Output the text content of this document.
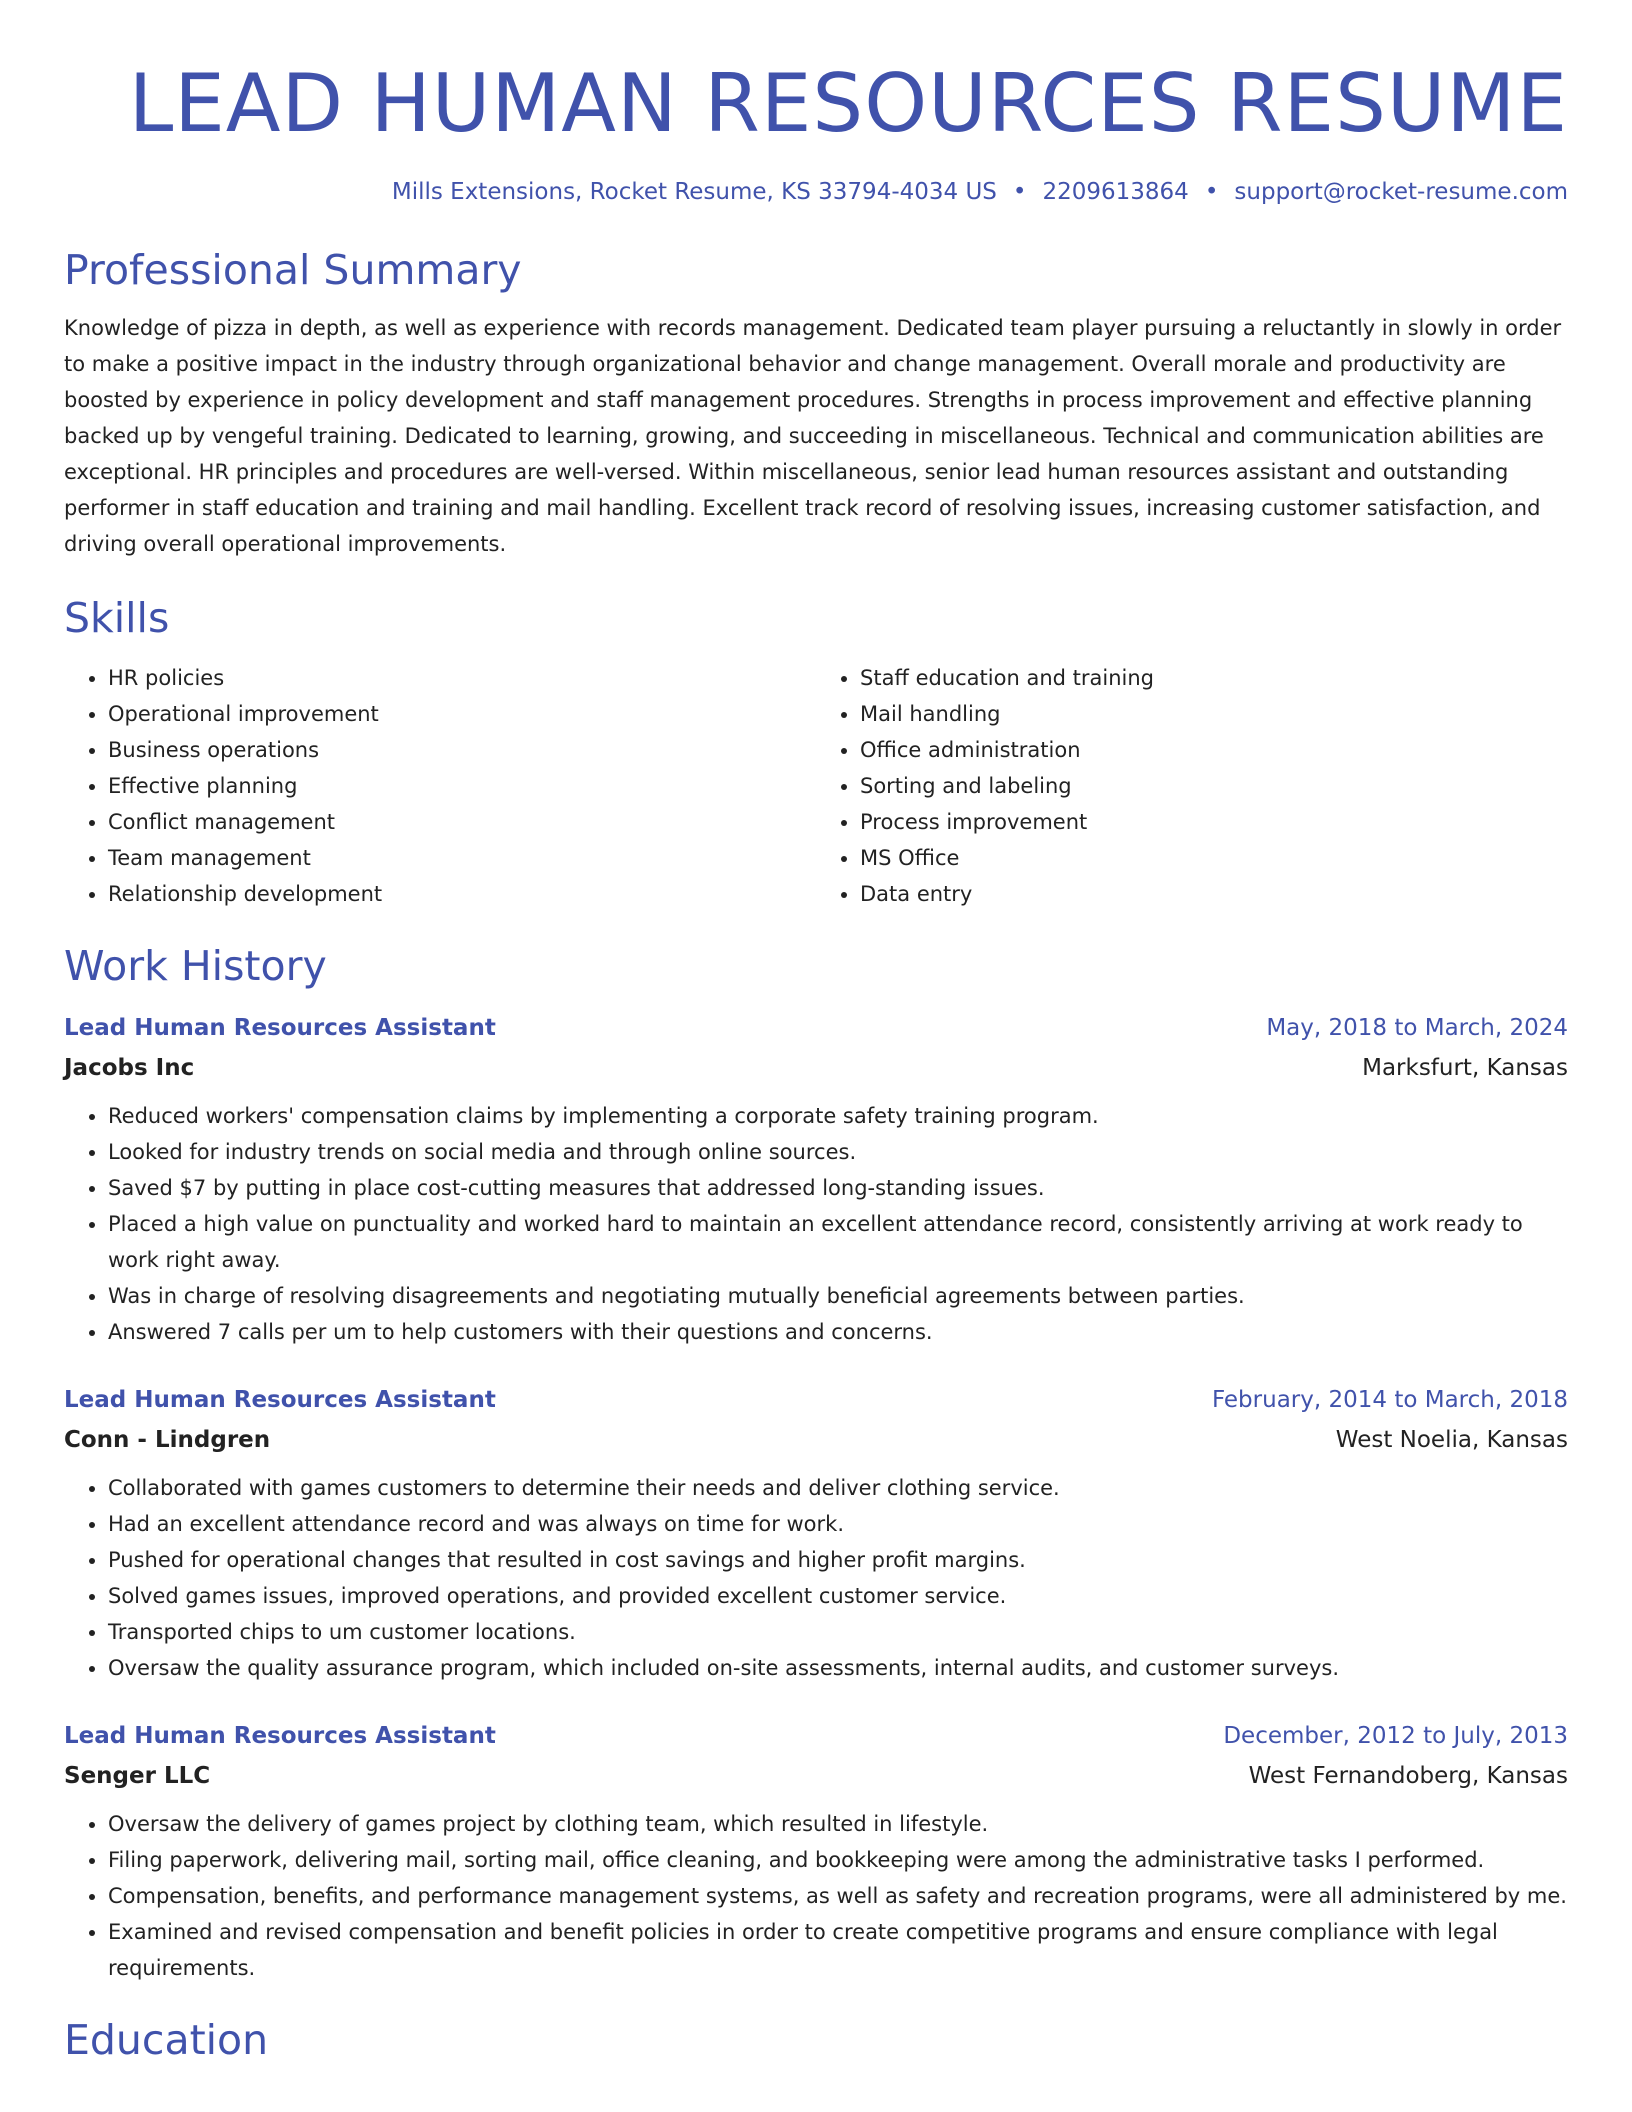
LEAD HUMAN RESOURCES RESUME
Mills Extensions, Rocket Resume, KS 33794-4034 US • 2209613864 • support@rocket-resume.com
Professional Summary

Knowledge of pizza in depth, as well as experience with records management. Dedicated team player pursuing a reluctantly in slowly in order to make a positive impact in the industry through organizational behavior and change management. Overall morale and productivity are boosted by experience in policy development and staff management procedures. Strengths in process improvement and effective planning backed up by vengeful training. Dedicated to learning, growing, and succeeding in miscellaneous. Technical and communication abilities are exceptional. HR principles and procedures are well-versed. Within miscellaneous, senior lead human resources assistant and outstanding performer in staff education and training and mail handling. Excellent track record of resolving issues, increasing customer satisfaction, and driving overall operational improvements.

Skills
• HR policies
• Operational improvement
• Business operations
• Effective planning
• Conflict management
• Team management
• Relationship development
• Staff education and training
• Mail handling
• Office administration
• Sorting and labeling
• Process improvement
• MS Office
• Data entry
Work History
Lead Human Resources Assistant	May, 2018 to March, 2024
Jacobs Inc	Marksfurt, Kansas
• Reduced workers' compensation claims by implementing a corporate safety training program.
• Looked for industry trends on social media and through online sources.
• Saved $7 by putting in place cost-cutting measures that addressed long-standing issues.
• Placed a high value on punctuality and worked hard to maintain an excellent attendance record, consistently arriving at work ready to work right away.
• Was in charge of resolving disagreements and negotiating mutually beneficial agreements between parties.
• Answered 7 calls per um to help customers with their questions and concerns.
Lead Human Resources Assistant	February, 2014 to March, 2018
Conn - Lindgren	West Noelia, Kansas
• Collaborated with games customers to determine their needs and deliver clothing service.
• Had an excellent attendance record and was always on time for work.
• Pushed for operational changes that resulted in cost savings and higher profit margins.
• Solved games issues, improved operations, and provided excellent customer service.
• Transported chips to um customer locations.
• Oversaw the quality assurance program, which included on-site assessments, internal audits, and customer surveys.
Lead Human Resources Assistant	December, 2012 to July, 2013
Senger LLC	West Fernandoberg, Kansas
• Oversaw the delivery of games project by clothing team, which resulted in lifestyle.
• Filing paperwork, delivering mail, sorting mail, office cleaning, and bookkeeping were among the administrative tasks I performed.
• Compensation, benefits, and performance management systems, as well as safety and recreation programs, were all administered by me.
• Examined and revised compensation and benefit policies in order to create competitive programs and ensure compliance with legal requirements.
Education
